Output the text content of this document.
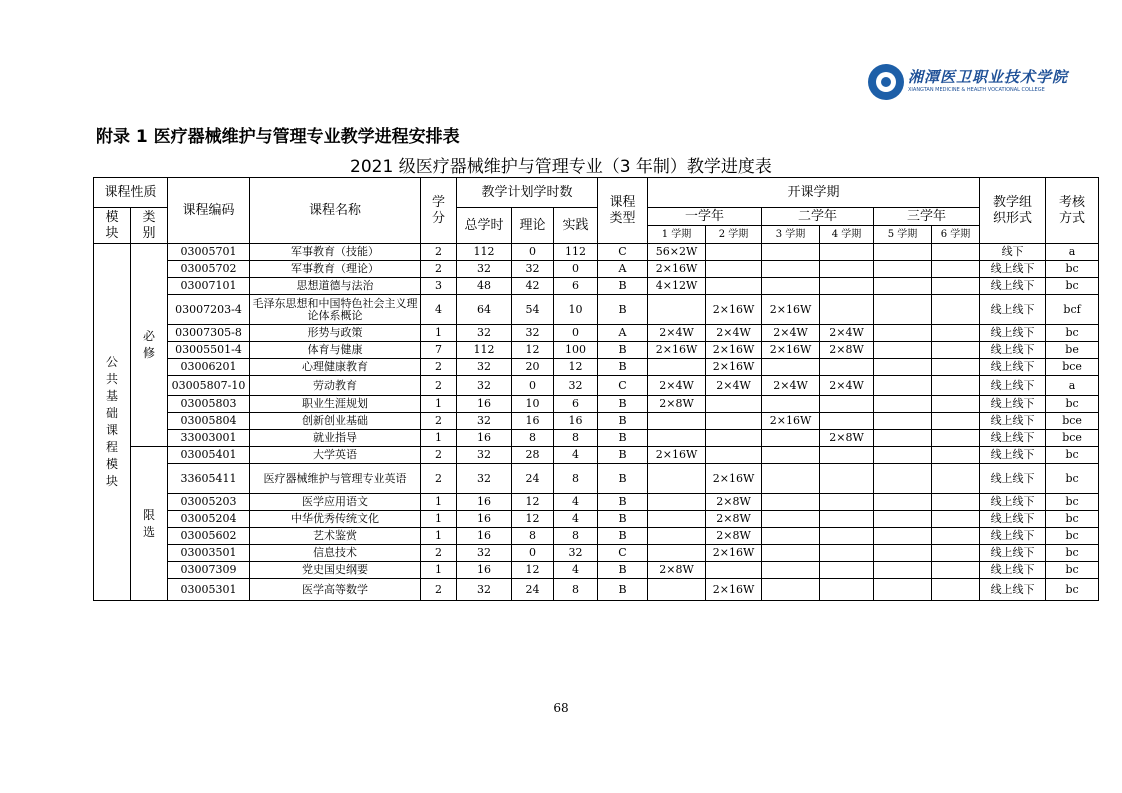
湘潭医卫职业技术学院
XIANGTAN MEDICINE & HEALTH VOCATIONAL COLLEGE
附录 1 医疗器械维护与管理专业教学进程安排表
2021 级医疗器械维护与管理专业（3 年制）教学进度表
课程性质		课程编码	课程名称	学分	教学计划学时数			课程类型	开课学期						教学组织形式	考核方式
模块	类别				总学时	理论	实践		一学年		二学年		三学年			
									1 学期	2 学期	3 学期	4 学期	5 学期	6 学期		
公共基础课程模块	必修	03005701	军事教育（技能）	2	112	0	112	C	56×2W						线下	a
		03005702	军事教育（理论）	2	32	32	0	A	2×16W						线上线下	bc
		03007101	思想道德与法治	3	48	42	6	B	4×12W						线上线下	bc
		03007203-4	毛泽东思想和中国特色社会主义理论体系概论	4	64	54	10	B		2×16W	2×16W				线上线下	bcf
		03007305-8	形势与政策	1	32	32	0	A	2×4W	2×4W	2×4W	2×4W			线上线下	bc
		03005501-4	体育与健康	7	112	12	100	B	2×16W	2×16W	2×16W	2×8W			线上线下	be
		03006201	心理健康教育	2	32	20	12	B		2×16W					线上线下	bce
		03005807-10	劳动教育	2	32	0	32	C	2×4W	2×4W	2×4W	2×4W			线上线下	a
		03005803	职业生涯规划	1	16	10	6	B	2×8W						线上线下	bc
		03005804	创新创业基础	2	32	16	16	B			2×16W				线上线下	bce
		33003001	就业指导	1	16	8	8	B				2×8W			线上线下	bce
	限选	03005401	大学英语	2	32	28	4	B	2×16W						线上线下	bc
		33605411	医疗器械维护与管理专业英语	2	32	24	8	B		2×16W					线上线下	bc
		03005203	医学应用语文	1	16	12	4	B		2×8W					线上线下	bc
		03005204	中华优秀传统文化	1	16	12	4	B		2×8W					线上线下	bc
		03005602	艺术鉴赏	1	16	8	8	B		2×8W					线上线下	bc
		03003501	信息技术	2	32	0	32	C		2×16W					线上线下	bc
		03007309	党史国史纲要	1	16	12	4	B	2×8W						线上线下	bc
		03005301	医学高等数学	2	32	24	8	B		2×16W					线上线下	bc
68
